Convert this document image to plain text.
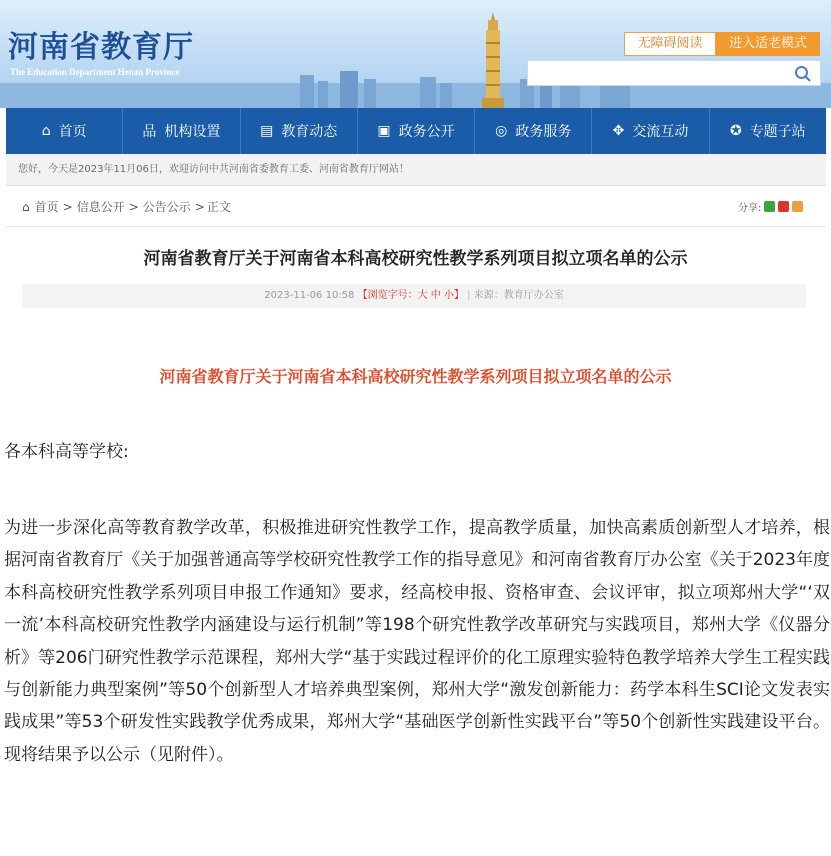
河南省教育厅
The Education Department Henan Province
无障碍阅读	进入适老模式
⌂ 首页	品 机构设置	▤ 教育动态	▣ 政务公开	◎ 政务服务	✥ 交流互动	✪ 专题子站
您好，今天是2023年11月06日，欢迎访问中共河南省委教育工委、河南省教育厅网站！
⌂ 首页 > 信息公开 > 公告公示 > 正文	分享:
河南省教育厅关于河南省本科高校研究性教学系列项目拟立项名单的公示
2023-11-06 10:58 【浏览字号：大 中 小】 | 来源：教育厅办公室
河南省教育厅关于河南省本科高校研究性教学系列项目拟立项名单的公示
各本科高等学校:
为进一步深化高等教育教学改革，积极推进研究性教学工作，提高教学质量，加快高素质创新型人才培养，根据河南省教育厅《关于加强普通高等学校研究性教学工作的指导意见》和河南省教育厅办公室《关于2023年度本科高校研究性教学系列项目申报工作通知》要求，经高校申报、资格审查、会议评审，拟立项郑州大学“‘双一流’本科高校研究性教学内涵建设与运行机制”等198个研究性教学改革研究与实践项目，郑州大学《仪器分析》等206门研究性教学示范课程，郑州大学“基于实践过程评价的化工原理实验特色教学培养大学生工程实践与创新能力典型案例”等50个创新型人才培养典型案例，郑州大学“激发创新能力：药学本科生SCI论文发表实践成果”等53个研发性实践教学优秀成果，郑州大学“基础医学创新性实践平台”等50个创新性实践建设平台。现将结果予以公示（见附件）。
